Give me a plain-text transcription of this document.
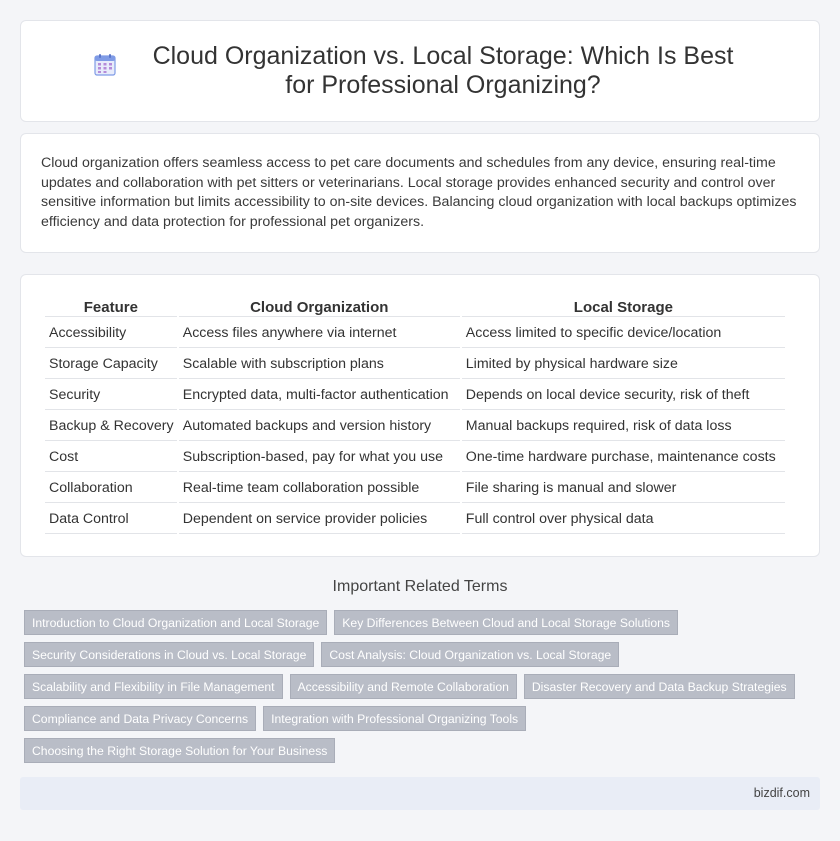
Cloud Organization vs. Local Storage: Which Is Best for Professional Organizing?

Cloud organization offers seamless access to pet care documents and schedules from any device, ensuring real-time updates and collaboration with pet sitters or veterinarians. Local storage provides enhanced security and control over sensitive information but limits accessibility to on-site devices. Balancing cloud organization with local backups optimizes efficiency and data protection for professional pet organizers.

Feature	Cloud Organization	Local Storage
Accessibility	Access files anywhere via internet	Access limited to specific device/location
Storage Capacity	Scalable with subscription plans	Limited by physical hardware size
Security	Encrypted data, multi-factor authentication	Depends on local device security, risk of theft
Backup & Recovery	Automated backups and version history	Manual backups required, risk of data loss
Cost	Subscription-based, pay for what you use	One-time hardware purchase, maintenance costs
Collaboration	Real-time team collaboration possible	File sharing is manual and slower
Data Control	Dependent on service provider policies	Full control over physical data
Important Related Terms
Introduction to Cloud Organization and Local Storage	Key Differences Between Cloud and Local Storage Solutions
Security Considerations in Cloud vs. Local Storage	Cost Analysis: Cloud Organization vs. Local Storage
Scalability and Flexibility in File Management	Accessibility and Remote Collaboration	Disaster Recovery and Data Backup Strategies
Compliance and Data Privacy Concerns	Integration with Professional Organizing Tools
Choosing the Right Storage Solution for Your Business
bizdif.com
